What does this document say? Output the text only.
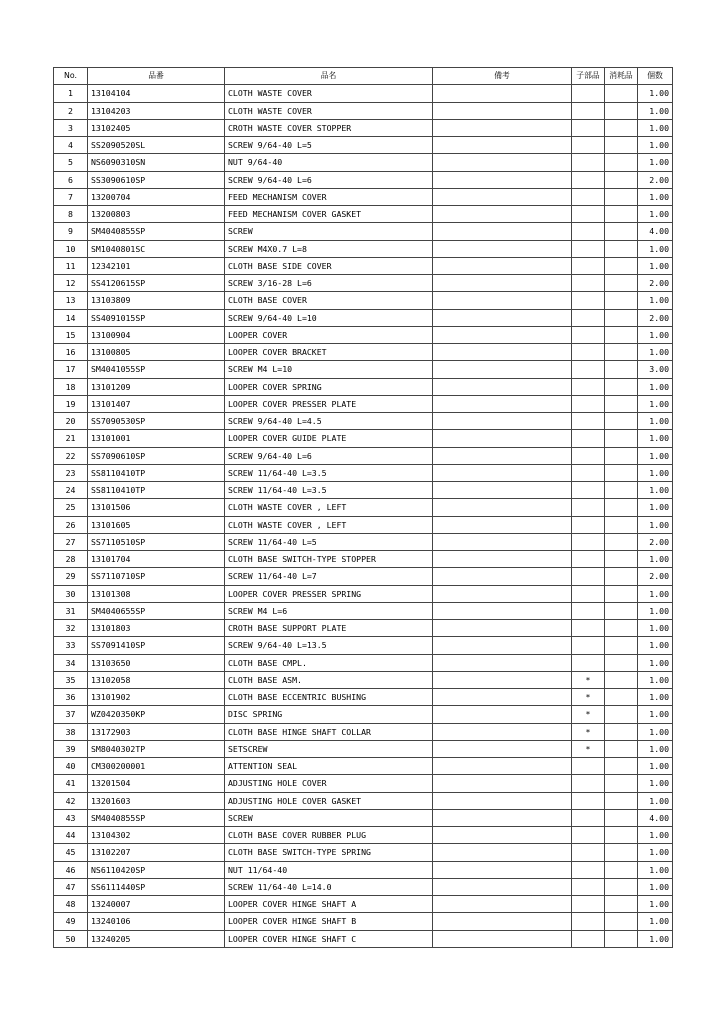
No.	品番	品名	備考	子部品	消耗品	個数
1	13104104	CLOTH WASTE COVER				1.00
2	13104203	CLOTH WASTE COVER				1.00
3	13102405	CROTH WASTE COVER STOPPER				1.00
4	SS2090520SL	SCREW 9/64-40 L=5				1.00
5	NS6090310SN	NUT 9/64-40				1.00
6	SS3090610SP	SCREW 9/64-40 L=6				2.00
7	13200704	FEED MECHANISM COVER				1.00
8	13200803	FEED MECHANISM COVER GASKET				1.00
9	SM4040855SP	SCREW				4.00
10	SM1040801SC	SCREW M4X0.7 L=8				1.00
11	12342101	CLOTH BASE SIDE COVER				1.00
12	SS4120615SP	SCREW 3/16-28 L=6				2.00
13	13103809	CLOTH BASE COVER				1.00
14	SS4091015SP	SCREW 9/64-40 L=10				2.00
15	13100904	LOOPER COVER				1.00
16	13100805	LOOPER COVER BRACKET				1.00
17	SM4041055SP	SCREW M4 L=10				3.00
18	13101209	LOOPER COVER SPRING				1.00
19	13101407	LOOPER COVER PRESSER PLATE				1.00
20	SS7090530SP	SCREW 9/64-40 L=4.5				1.00
21	13101001	LOOPER COVER GUIDE PLATE				1.00
22	SS7090610SP	SCREW 9/64-40 L=6				1.00
23	SS8110410TP	SCREW 11/64-40 L=3.5				1.00
24	SS8110410TP	SCREW 11/64-40 L=3.5				1.00
25	13101506	CLOTH WASTE COVER , LEFT				1.00
26	13101605	CLOTH WASTE COVER , LEFT				1.00
27	SS7110510SP	SCREW 11/64-40 L=5				2.00
28	13101704	CLOTH BASE SWITCH-TYPE STOPPER				1.00
29	SS7110710SP	SCREW 11/64-40 L=7				2.00
30	13101308	LOOPER COVER PRESSER SPRING				1.00
31	SM4040655SP	SCREW M4 L=6				1.00
32	13101803	CROTH BASE SUPPORT PLATE				1.00
33	SS7091410SP	SCREW 9/64-40 L=13.5				1.00
34	13103650	CLOTH BASE CMPL.				1.00
35	13102058	CLOTH BASE ASM.		*		1.00
36	13101902	CLOTH BASE ECCENTRIC BUSHING		*		1.00
37	WZ0420350KP	DISC SPRING		*		1.00
38	13172903	CLOTH BASE HINGE SHAFT COLLAR		*		1.00
39	SM8040302TP	SETSCREW		*		1.00
40	CM300200001	ATTENTION SEAL				1.00
41	13201504	ADJUSTING HOLE COVER				1.00
42	13201603	ADJUSTING HOLE COVER GASKET				1.00
43	SM4040855SP	SCREW				4.00
44	13104302	CLOTH BASE COVER RUBBER PLUG				1.00
45	13102207	CLOTH BASE SWITCH-TYPE SPRING				1.00
46	NS6110420SP	NUT 11/64-40				1.00
47	SS6111440SP	SCREW 11/64-40 L=14.0				1.00
48	13240007	LOOPER COVER HINGE SHAFT A				1.00
49	13240106	LOOPER COVER HINGE SHAFT B				1.00
50	13240205	LOOPER COVER HINGE SHAFT C				1.00
